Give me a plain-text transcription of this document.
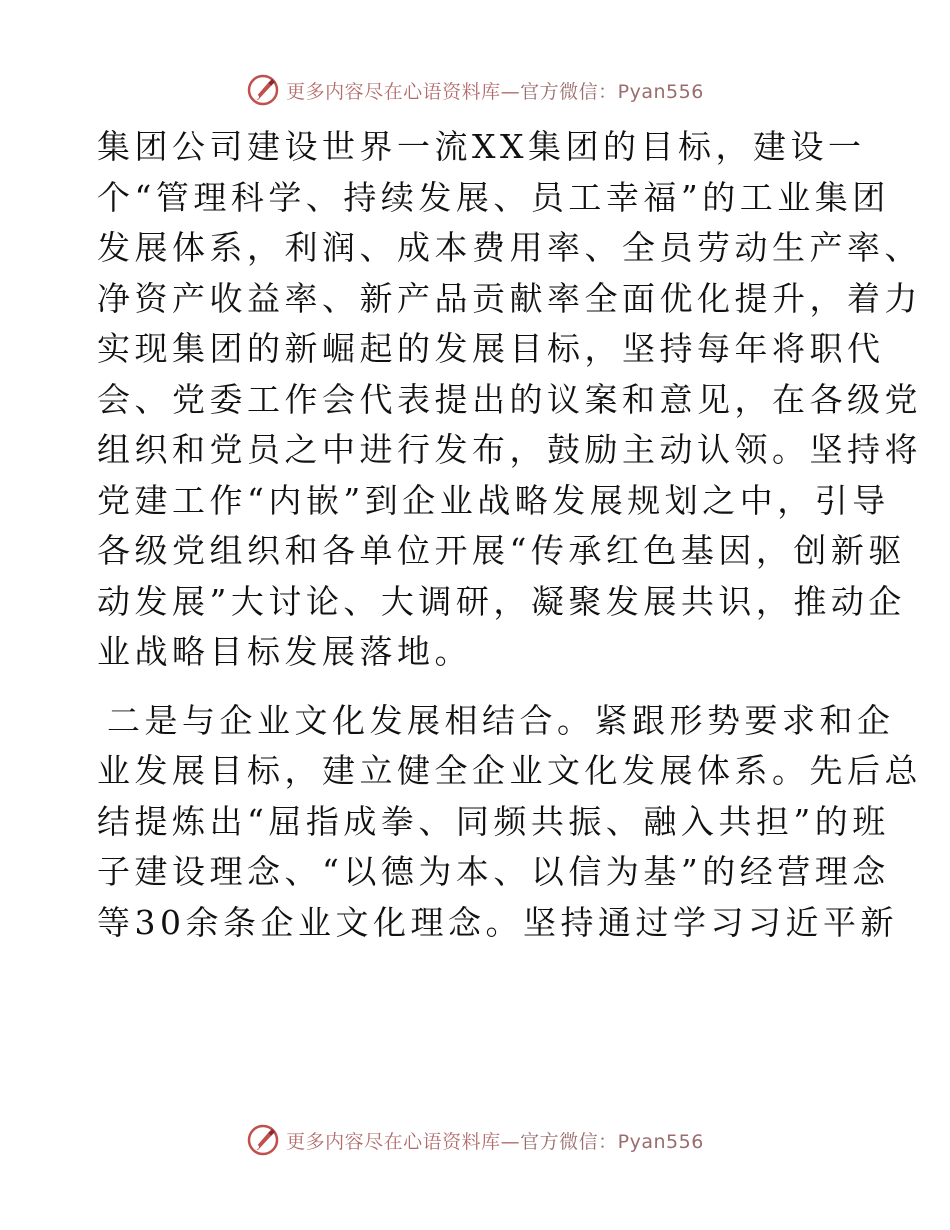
更多内容尽在心语资料库—官方微信：Pyan556
集团公司建设世界一流XX集团的目标，建设一
个“管理科学、持续发展、员工幸福”的工业集团
发展体系，利润、成本费用率、全员劳动生产率、
净资产收益率、新产品贡献率全面优化提升，着力
实现集团的新崛起的发展目标，坚持每年将职代
会、党委工作会代表提出的议案和意见，在各级党
组织和党员之中进行发布，鼓励主动认领。坚持将
党建工作“内嵌”到企业战略发展规划之中，引导
各级党组织和各单位开展“传承红色基因，创新驱
动发展”大讨论、大调研，凝聚发展共识，推动企
业战略目标发展落地。
二是与企业文化发展相结合。紧跟形势要求和企
业发展目标，建立健全企业文化发展体系。先后总
结提炼出“屈指成拳、同频共振、融入共担”的班
子建设理念、“以德为本、以信为基”的经营理念
等30余条企业文化理念。坚持通过学习习近平新
更多内容尽在心语资料库—官方微信：Pyan556
